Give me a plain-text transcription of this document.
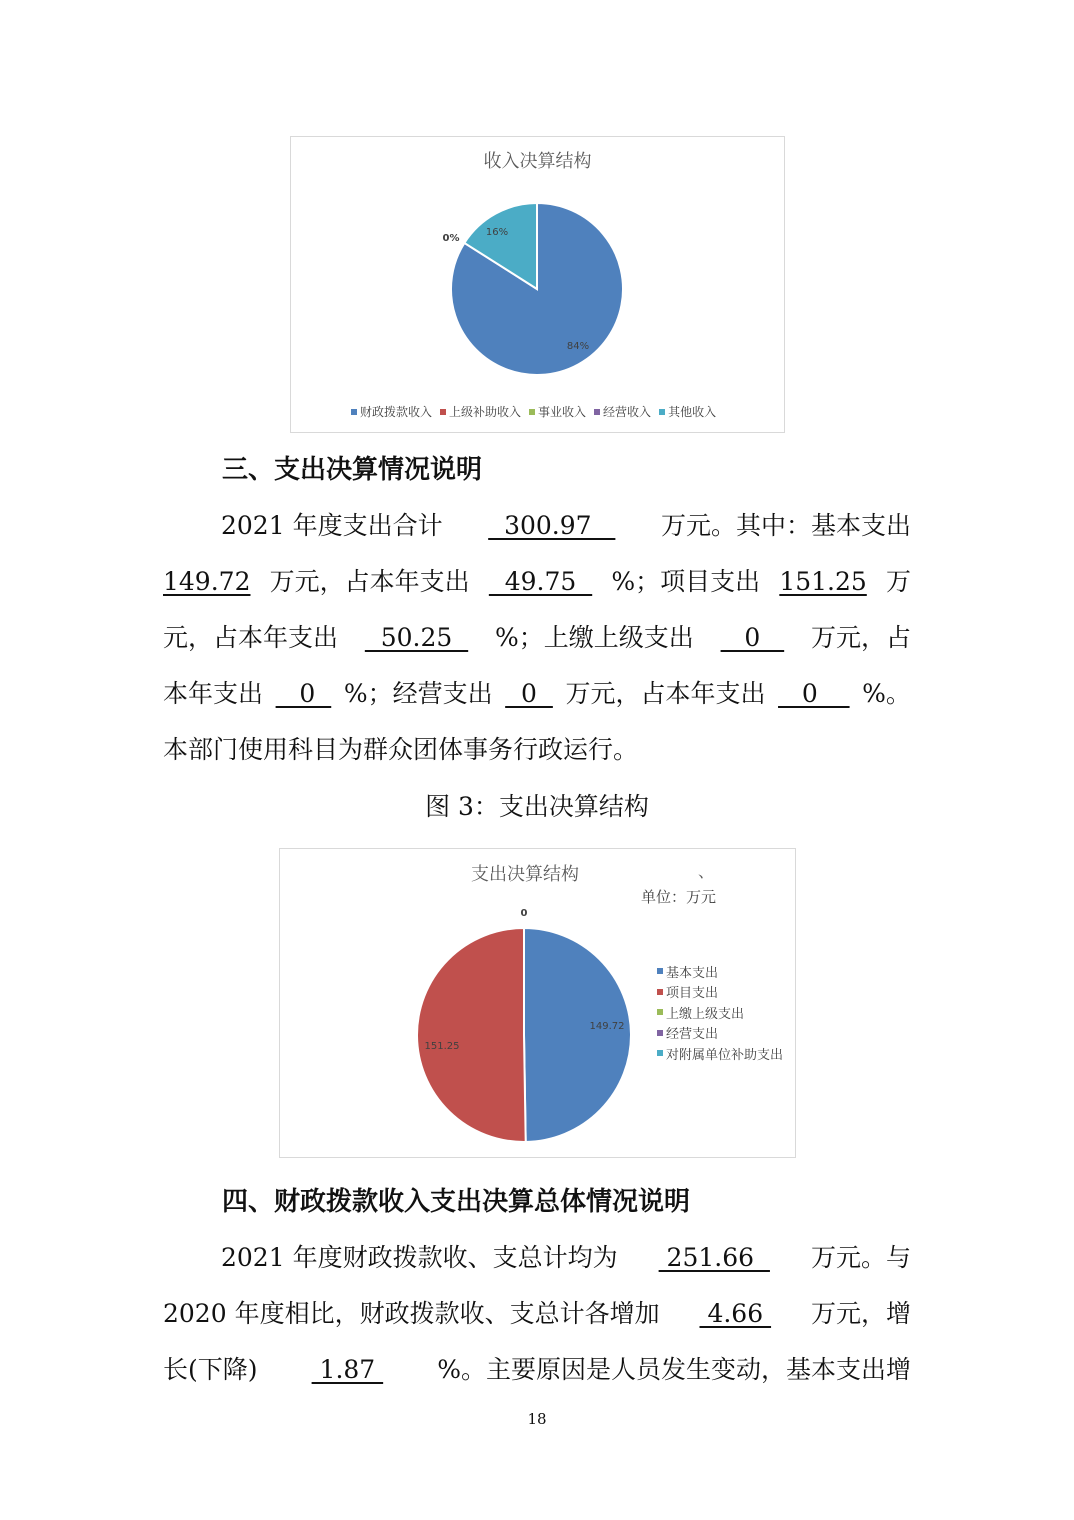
收入决算结构
84%
0%
16%
财政拨款收入 上级补助收入 事业收入 经营收入 其他收入
三、支出决算情况说明
2021 年度支出合计 300.97 万元。其中：基本支出
149.72 万元，占本年支出 49.75 %；项目支出 151.25 万
元，占本年支出 50.25 %；上缴上级支出 0 万元，占
本年支出 0 %；经营支出 0 万元，占本年支出 0 %。
本部门使用科目为群众团体事务行政运行。
图 3：支出决算结构
支出决算结构	、
单位：万元
149.72
151.25
0
基本支出
项目支出
上缴上级支出
经营支出
对附属单位补助支出
四、财政拨款收入支出决算总体情况说明
2021 年度财政拨款收、支总计均为 251.66 万元。与
2020 年度相比，财政拨款收、支总计各增加 4.66 万元，增
长(下降) 1.87 %。主要原因是人员发生变动，基本支出增
18
